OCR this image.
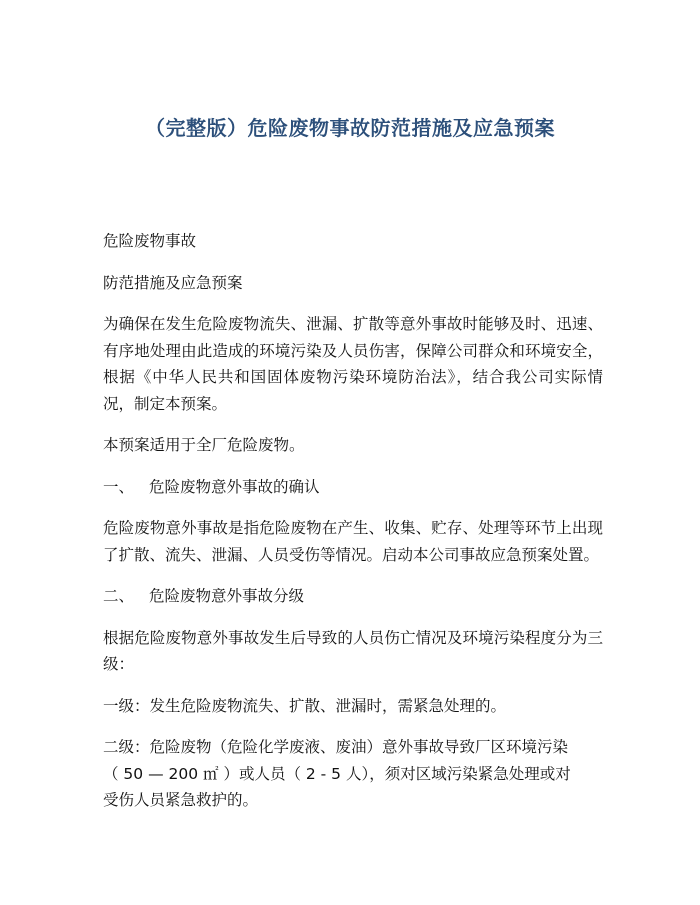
（完整版）危险废物事故防范措施及应急预案

危险废物事故

防范措施及应急预案

为确保在发生危险废物流失、泄漏、扩散等意外事故时能够及时、迅速、有序地处理由此造成的环境污染及人员伤害，保障公司群众和环境安全，根据《中华人民共和国固体废物污染环境防治法》，结合我公司实际情况，制定本预案。

本预案适用于全厂危险废物。

一、 危险废物意外事故的确认

危险废物意外事故是指危险废物在产生、收集、贮存、处理等环节上出现了扩散、流失、泄漏、人员受伤等情况。启动本公司事故应急预案处置。

二、 危险废物意外事故分级

根据危险废物意外事故发生后导致的人员伤亡情况及环境污染程度分为三级：

一级：发生危险废物流失、扩散、泄漏时，需紧急处理的。

二级：危险废物（危险化学废液、废油）意外事故导致厂区环境污染
（ 50 — 200 ㎡ ）或人员（ 2 - 5 人），须对区域污染紧急处理或对
受伤人员紧急救护的。
